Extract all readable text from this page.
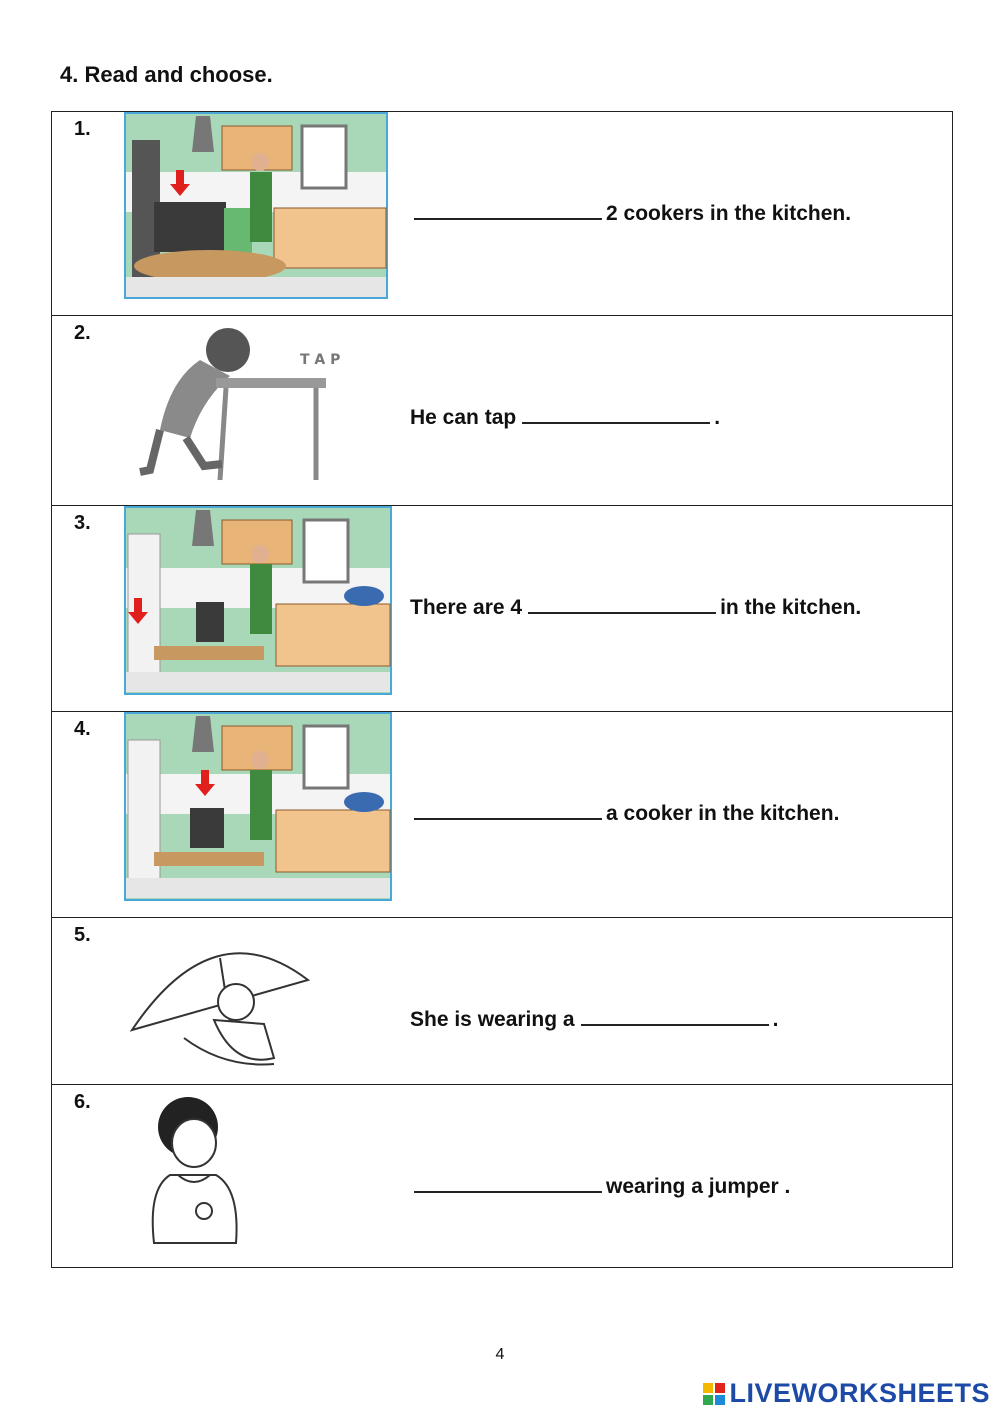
4. Read and choose.
1.
2 cookers in the kitchen.
2.
T A P
He can tap	.
3.
There are 4	in the kitchen.
4.
a cooker in the kitchen.
5.
She is wearing a	.
6.
wearing a jumper .
4
LIVEWORKSHEETS
